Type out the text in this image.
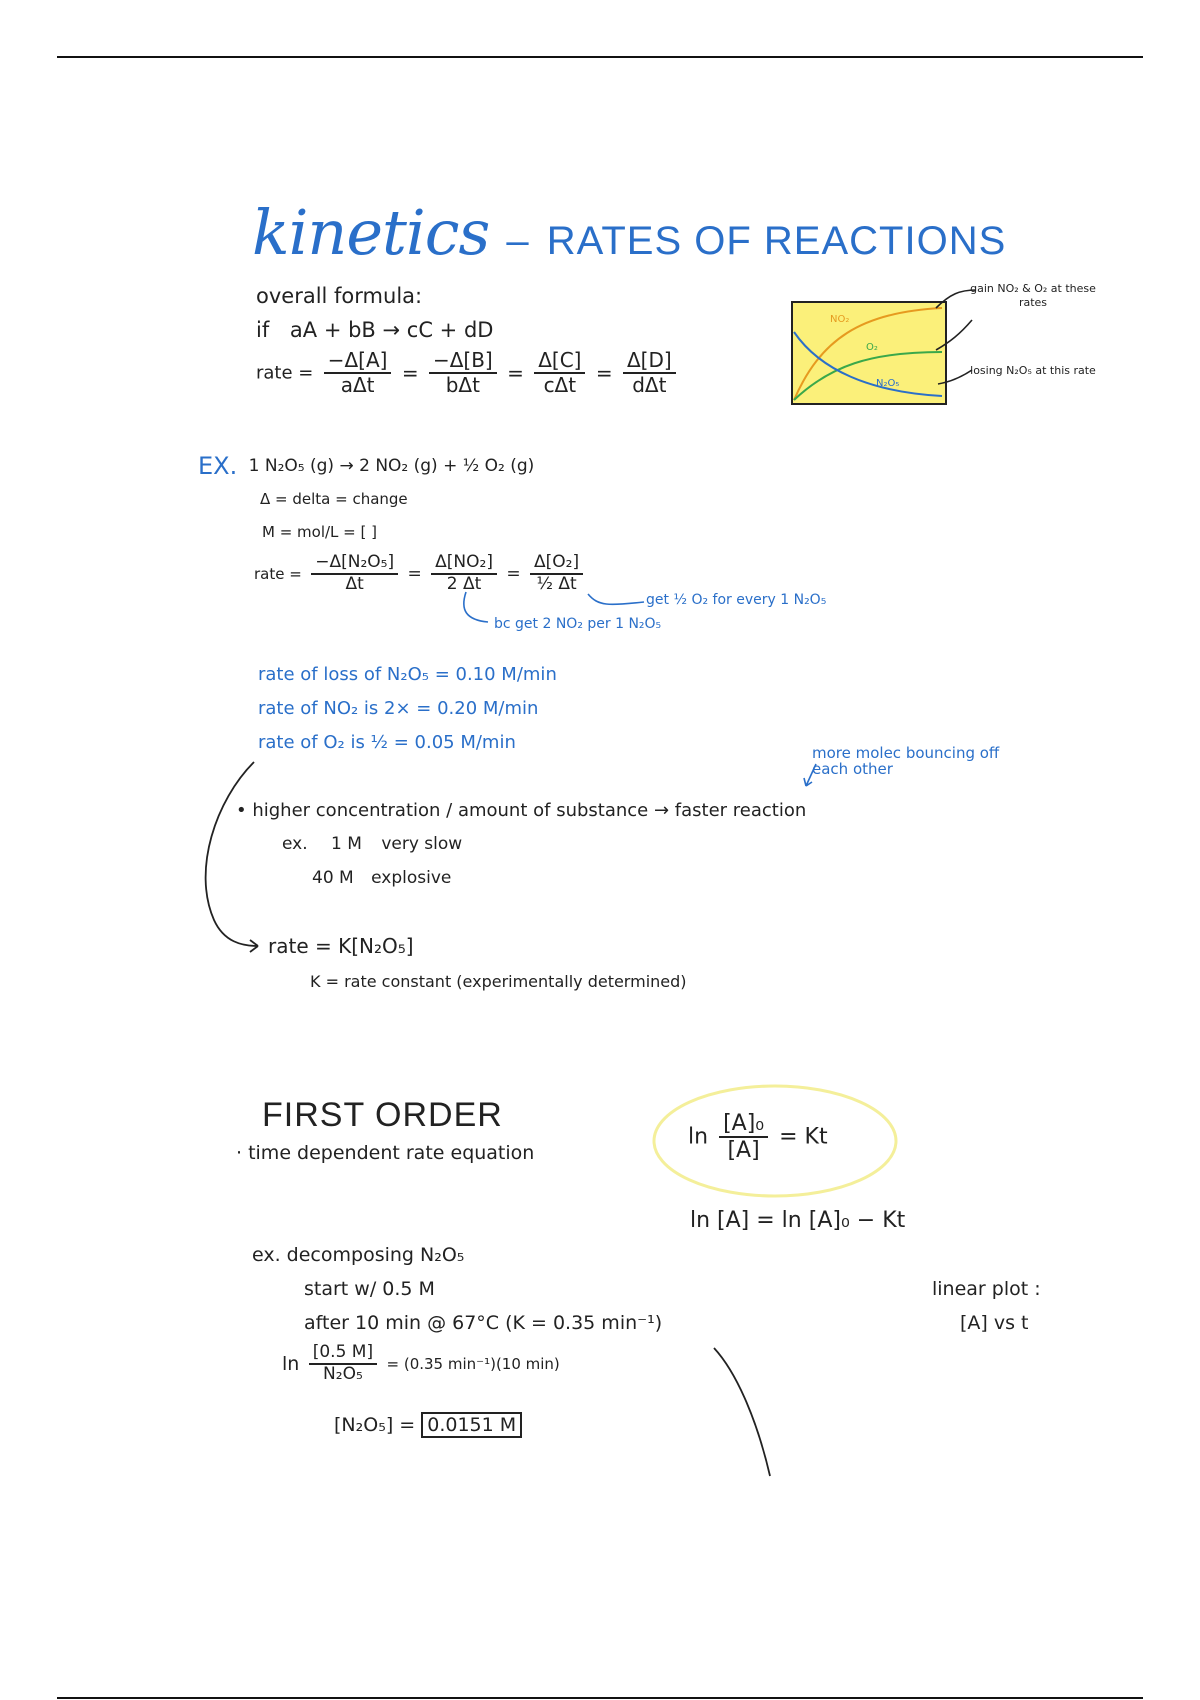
kinetics – RATES OF REACTIONS
overall formula:
if aA + bB → cC + dD
rate = $\frac{-\Delta[A]}{\text{aΔt}} = \frac{-\Delta[B]}{\text{bΔt}} = \frac{\Delta[C]}{\text{cΔt}} = \frac{\Delta[D]}{\text{dΔt}}$
NO₂
O₂
N₂O₅
gain NO₂ & O₂ at these rates
losing N₂O₅ at this rate
EX. 1 N₂O₅ (g) → 2 NO₂ (g) + ½ O₂ (g)
Δ = delta = change
M = mol/L = [ ]
rate = $\frac{\text{−Δ[N₂O₅]}}{\Delta t} = \frac{\text{Δ[NO₂]}}{2 \Delta t} = \frac{\text{Δ[O₂]}}{\text{½ Δt}}$
get ½ O₂ for every 1 N₂O₅
bc get 2 NO₂ per 1 N₂O₅
rate of loss of N₂O₅ = 0.10 M/min
rate of NO₂ is 2× = 0.20 M/min
rate of O₂ is ½ = 0.05 M/min	more molec bouncing off each other
• higher concentration / amount of substance → faster reaction
ex. 1 M very slow
40 M explosive
rate = K[N₂O₅]
K = rate constant (experimentally determined)
FIRST ORDER
· time dependent rate equation
$\ln \frac{\text{[A]₀}}{[A]} = Kt$
ln [A] = ln [A]₀ − Kt
ex. decomposing N₂O₅
start w/ 0.5 M
after 10 min @ 67°C (K = 0.35 min⁻¹)
linear plot :
[A] vs t
$\ln \frac{[0.5 M]}{\text{N₂O₅}} = (0.35$ min⁻¹)(10 min)
[N₂O₅] = 0.0151 M
